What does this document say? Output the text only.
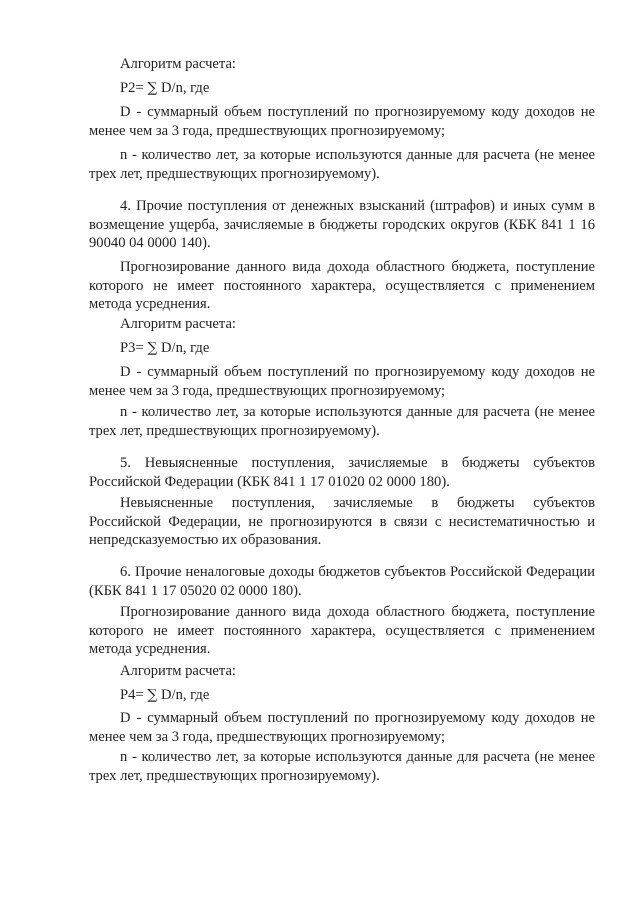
Алгоритм расчета:

Р2= ∑ D/n, где

D - суммарный объем поступлений по прогнозируемому коду доходов не менее чем за 3 года, предшествующих прогнозируемому;

n - количество лет, за которые используются данные для расчета (не менее трех лет, предшествующих прогнозируемому).

4. Прочие поступления от денежных взысканий (штрафов) и иных сумм в возмещение ущерба, зачисляемые в бюджеты городских округов (КБК 841 1 16 90040 04 0000 140).

Прогнозирование данного вида дохода областного бюджета, поступление которого не имеет постоянного характера, осуществляется с применением метода усреднения.

Алгоритм расчета:

Р3= ∑ D/n, где

D - суммарный объем поступлений по прогнозируемому коду доходов не менее чем за 3 года, предшествующих прогнозируемому;

n - количество лет, за которые используются данные для расчета (не менее трех лет, предшествующих прогнозируемому).

5. Невыясненные поступления, зачисляемые в бюджеты субъектов Российской Федерации (КБК 841 1 17 01020 02 0000 180).

Невыясненные поступления, зачисляемые в бюджеты субъектов Российской Федерации, не прогнозируются в связи с несистематичностью и непредсказуемостью их образования.

6. Прочие неналоговые доходы бюджетов субъектов Российской Федерации (КБК 841 1 17 05020 02 0000 180).

Прогнозирование данного вида дохода областного бюджета, поступление которого не имеет постоянного характера, осуществляется с применением метода усреднения.

Алгоритм расчета:

Р4= ∑ D/n, где

D - суммарный объем поступлений по прогнозируемому коду доходов не менее чем за 3 года, предшествующих прогнозируемому;

n - количество лет, за которые используются данные для расчета (не менее трех лет, предшествующих прогнозируемому).
